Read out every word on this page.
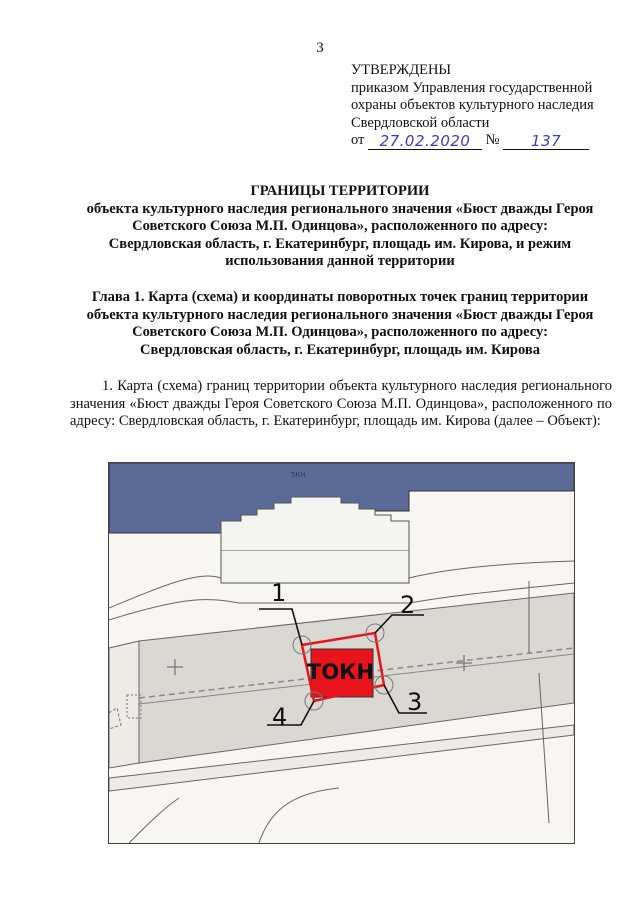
3
УТВЕРЖДЕНЫ
приказом Управления государственной
охраны объектов культурного наследия
Свердловской области
от 27.02.2020 № 137
ГРАНИЦЫ ТЕРРИТОРИИ
объекта культурного наследия регионального значения «Бюст дважды Героя
Советского Союза М.П. Одинцова», расположенного по адресу:
Свердловская область, г. Екатеринбург, площадь им. Кирова, и режим
использования данной территории
Глава 1. Карта (схема) и координаты поворотных точек границ территории
объекта культурного наследия регионального значения «Бюст дважды Героя
Советского Союза М.П. Одинцова», расположенного по адресу:
Свердловская область, г. Екатеринбург, площадь им. Кирова
1. Карта (схема) границ территории объекта культурного наследия регионального значения «Бюст дважды Героя Советского Союза М.П. Одинцова», расположенного по адресу: Свердловская область, г. Екатеринбург, площадь им. Кирова (далее – Объект):
5КН
ТОКН
1	2
3
4
